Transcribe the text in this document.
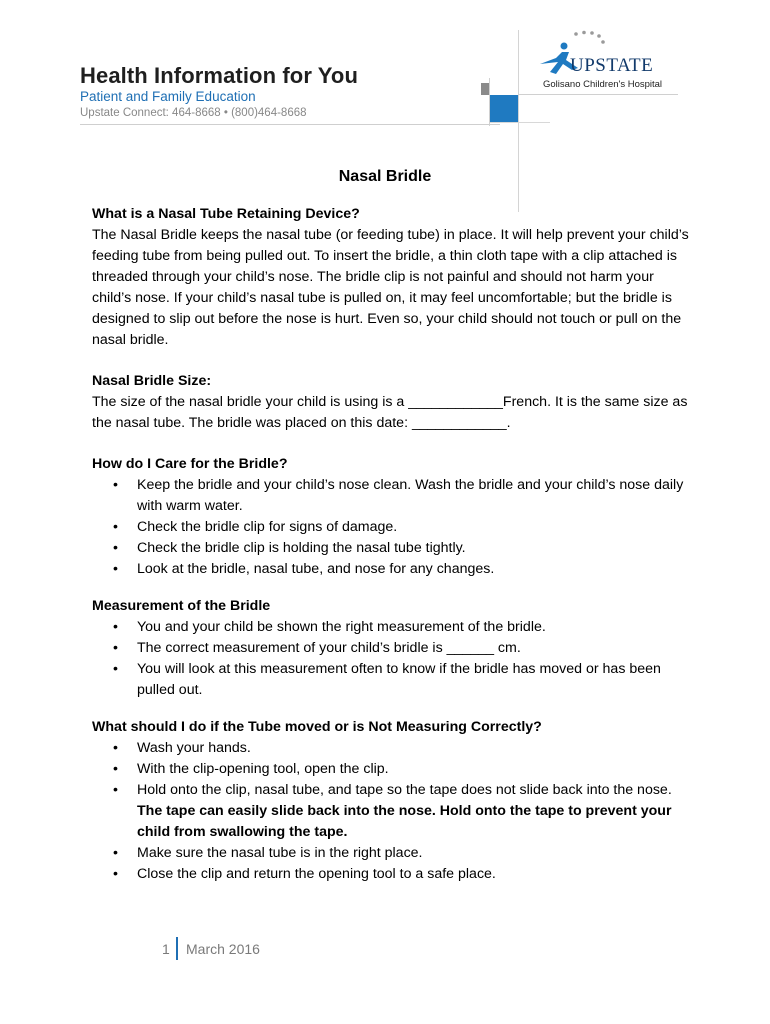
Health Information for You
Patient and Family Education
Upstate Connect: 464-8668 • (800)464-8668
UPSTATE
Golisano Children's Hospital
Nasal Bridle

What is a Nasal Tube Retaining Device?

The Nasal Bridle keeps the nasal tube (or feeding tube) in place. It will help prevent your child’s feeding tube from being pulled out. To insert the bridle, a thin cloth tape with a clip attached is threaded through your child’s nose. The bridle clip is not painful and should not harm your child’s nose. If your child’s nasal tube is pulled on, it may feel uncomfortable; but the bridle is designed to slip out before the nose is hurt. Even so, your child should not touch or pull on the nasal bridle.

Nasal Bridle Size:

The size of the nasal bridle your child is using is a ____________French. It is the same size as the nasal tube. The bridle was placed on this date: ____________.

How do I Care for the Bridle?

• Keep the bridle and your child’s nose clean. Wash the bridle and your child’s nose daily with warm water.
• Check the bridle clip for signs of damage.
• Check the bridle clip is holding the nasal tube tightly.
• Look at the bridle, nasal tube, and nose for any changes.

Measurement of the Bridle

• You and your child be shown the right measurement of the bridle.
• The correct measurement of your child’s bridle is ______ cm.
• You will look at this measurement often to know if the bridle has moved or has been pulled out.

What should I do if the Tube moved or is Not Measuring Correctly?

• Wash your hands.
• With the clip-opening tool, open the clip.
• Hold onto the clip, nasal tube, and tape so the tape does not slide back into the nose. The tape can easily slide back into the nose. Hold onto the tape to prevent your child from swallowing the tape.
• Make sure the nasal tube is in the right place.
• Close the clip and return the opening tool to a safe place.
1 March 2016
